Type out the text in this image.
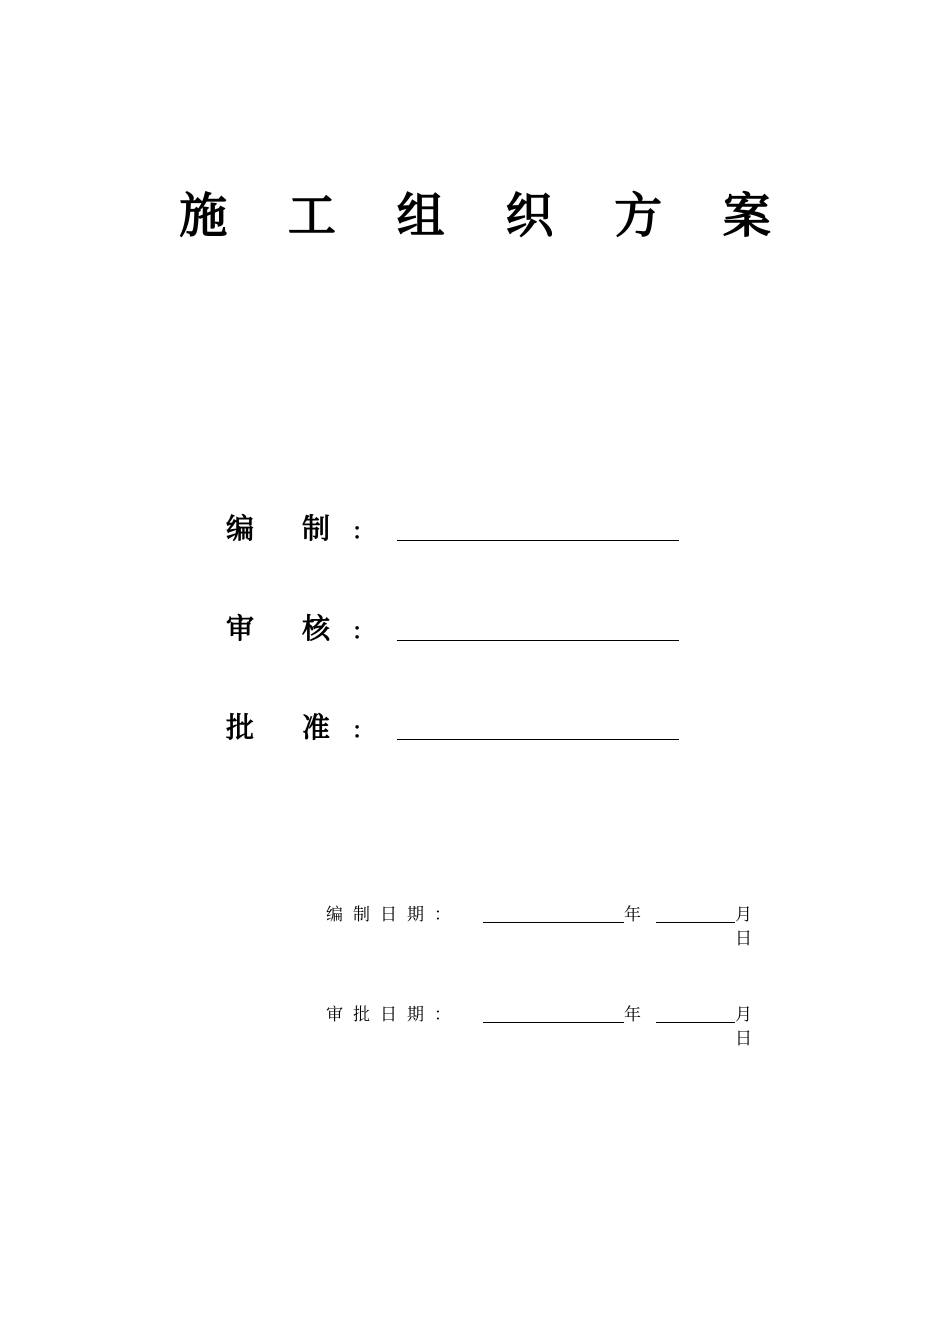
施 工 组 织 方 案
编 制 ：
审 核 ：
批 准 ：
编制日期：	年	月
日
审批日期：	年	月
日
